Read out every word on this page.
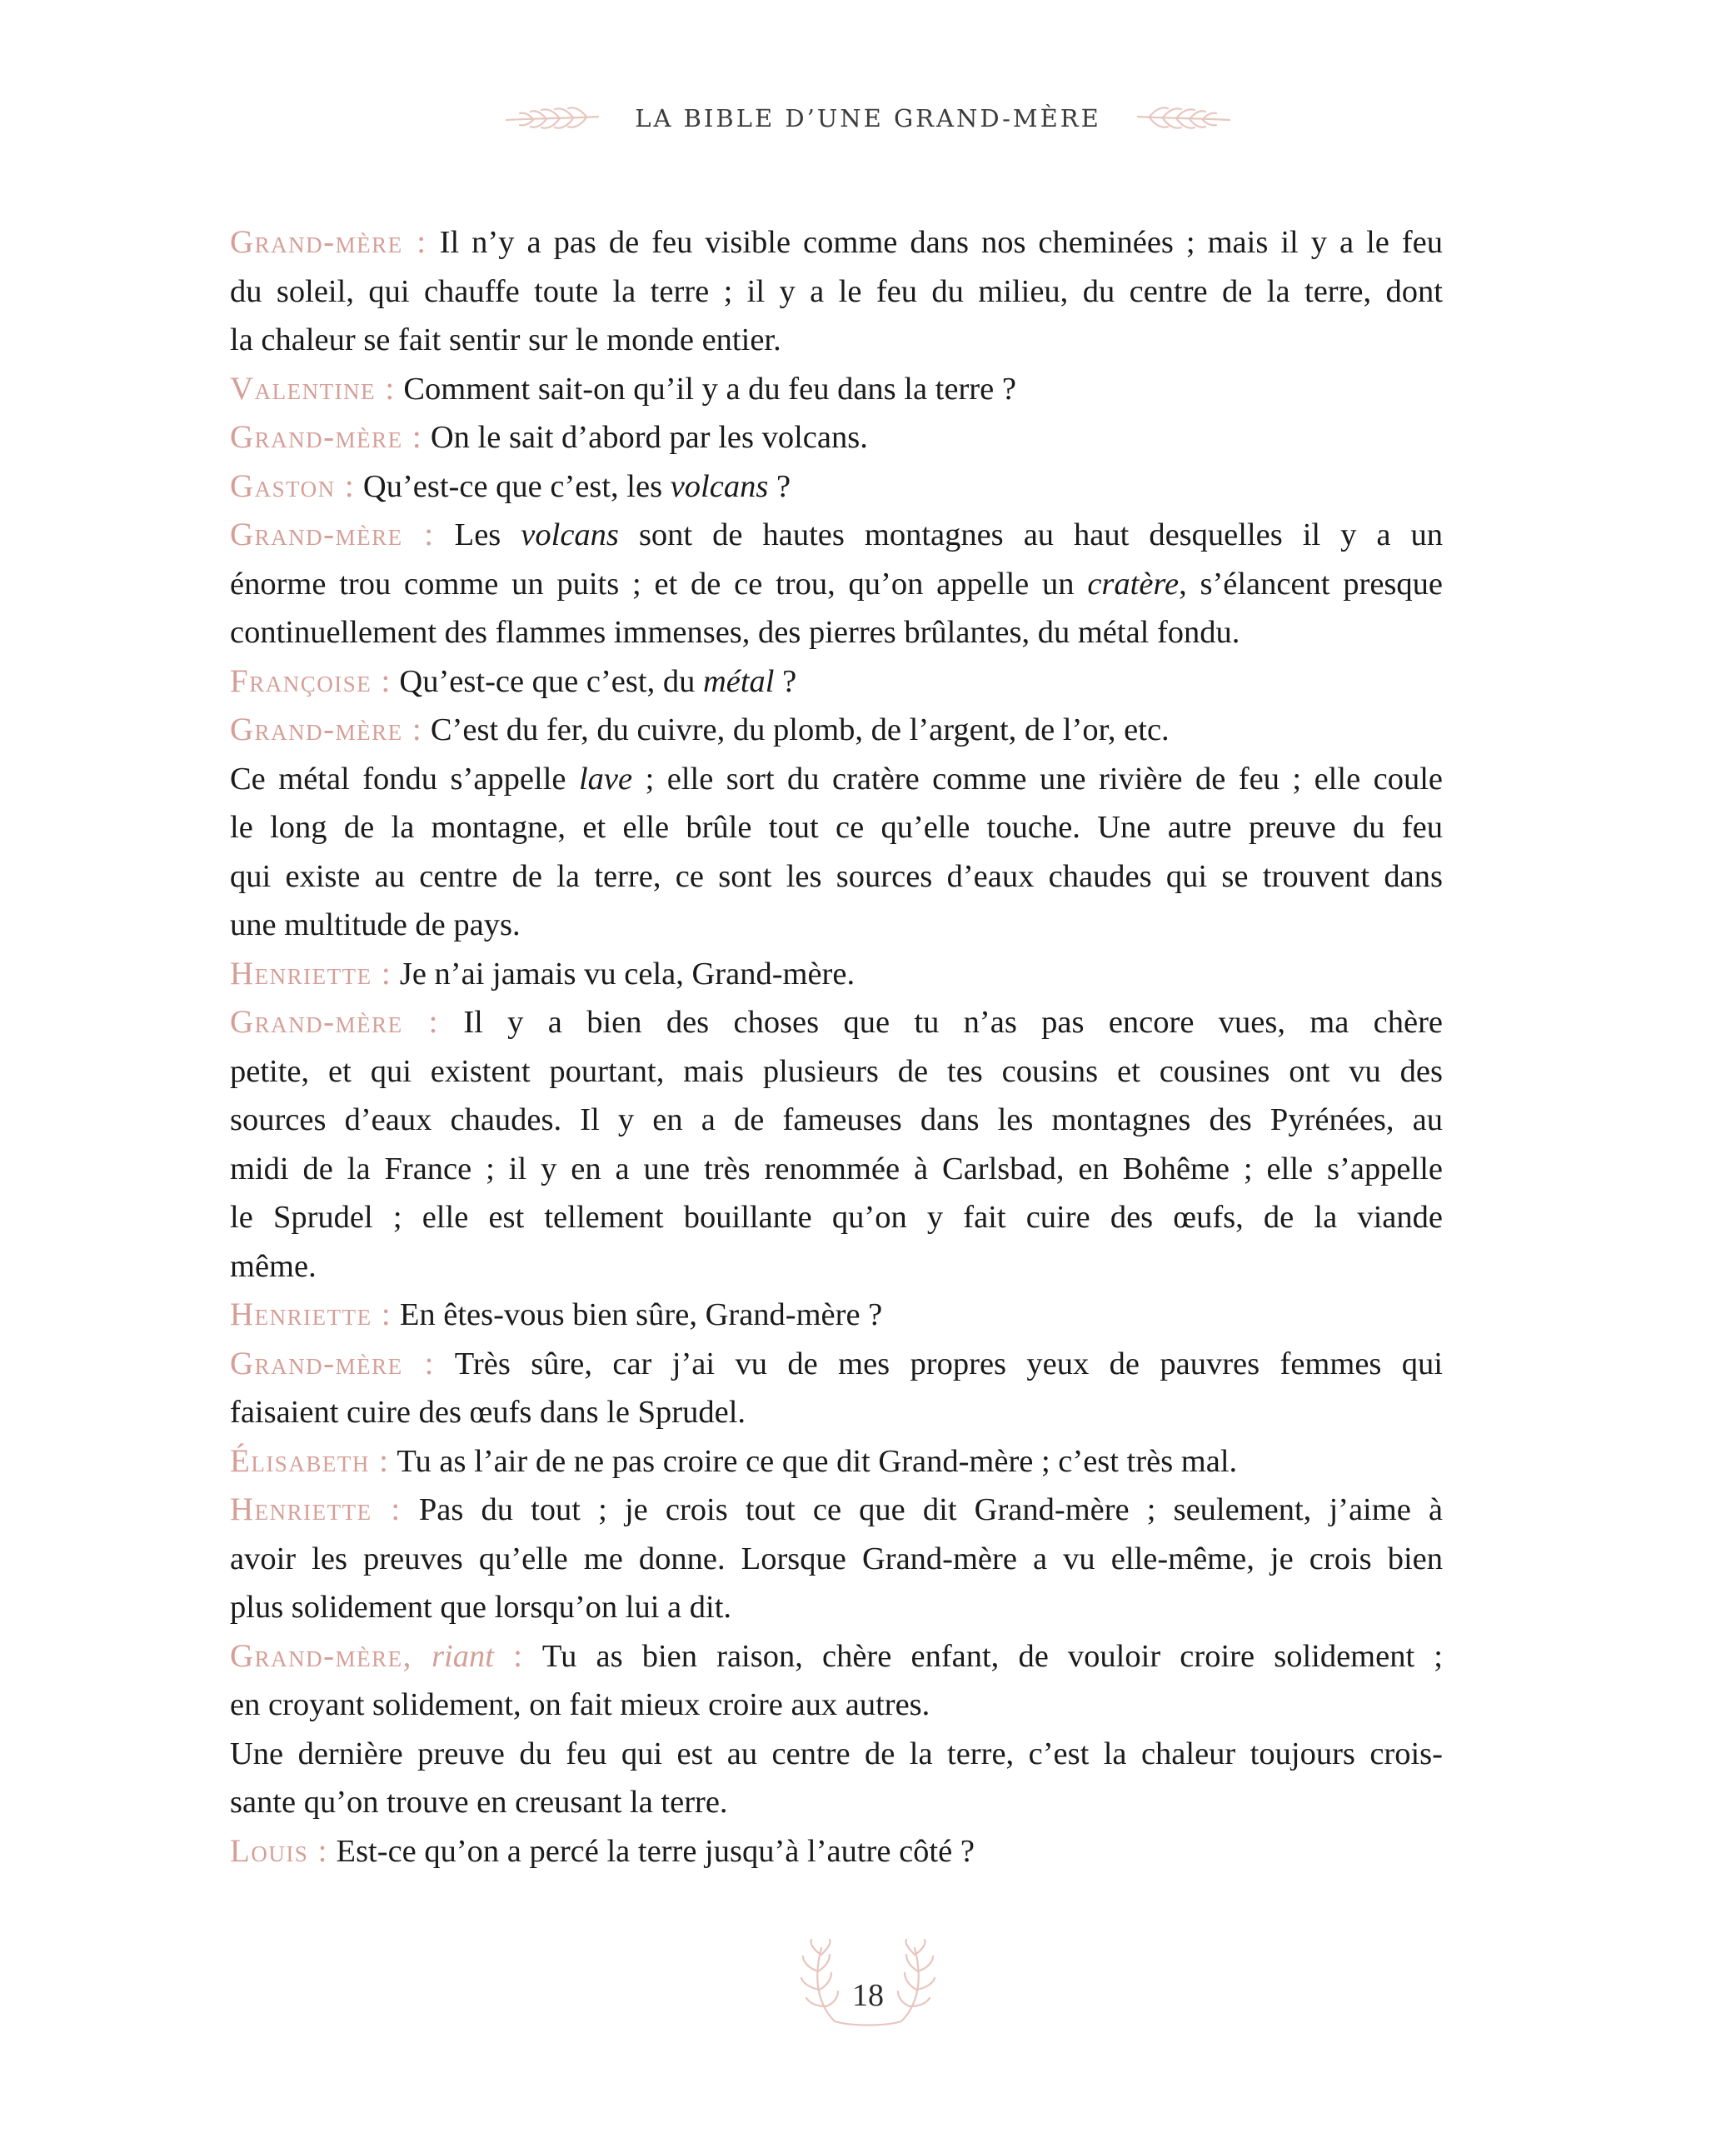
LA BIBLE D’UNE GRAND-MÈRE
Grand-mère : Il n’y a pas de feu visible comme dans nos cheminées ; mais il y a le feu
du soleil, qui chauffe toute la terre ; il y a le feu du milieu, du centre de la terre, dont
la chaleur se fait sentir sur le monde entier.
Valentine : Comment sait-on qu’il y a du feu dans la terre ?
Grand-mère : On le sait d’abord par les volcans.
Gaston : Qu’est-ce que c’est, les volcans ?
Grand-mère : Les volcans sont de hautes montagnes au haut desquelles il y a un
énorme trou comme un puits ; et de ce trou, qu’on appelle un cratère, s’élancent presque
continuellement des flammes immenses, des pierres brûlantes, du métal fondu.
Françoise : Qu’est-ce que c’est, du métal ?
Grand-mère : C’est du fer, du cuivre, du plomb, de l’argent, de l’or, etc.
Ce métal fondu s’appelle lave ; elle sort du cratère comme une rivière de feu ; elle coule
le long de la montagne, et elle brûle tout ce qu’elle touche. Une autre preuve du feu
qui existe au centre de la terre, ce sont les sources d’eaux chaudes qui se trouvent dans
une multitude de pays.
Henriette : Je n’ai jamais vu cela, Grand-mère.
Grand-mère : Il y a bien des choses que tu n’as pas encore vues, ma chère
petite, et qui existent pourtant, mais plusieurs de tes cousins et cousines ont vu des
sources d’eaux chaudes. Il y en a de fameuses dans les montagnes des Pyrénées, au
midi de la France ; il y en a une très renommée à Carlsbad, en Bohême ; elle s’appelle
le Sprudel ; elle est tellement bouillante qu’on y fait cuire des œufs, de la viande
même.
Henriette : En êtes-vous bien sûre, Grand-mère ?
Grand-mère : Très sûre, car j’ai vu de mes propres yeux de pauvres femmes qui
faisaient cuire des œufs dans le Sprudel.
Élisabeth : Tu as l’air de ne pas croire ce que dit Grand-mère ; c’est très mal.
Henriette : Pas du tout ; je crois tout ce que dit Grand-mère ; seulement, j’aime à
avoir les preuves qu’elle me donne. Lorsque Grand-mère a vu elle-même, je crois bien
plus solidement que lorsqu’on lui a dit.
Grand-mère, riant : Tu as bien raison, chère enfant, de vouloir croire solidement ;
en croyant solidement, on fait mieux croire aux autres.
Une dernière preuve du feu qui est au centre de la terre, c’est la chaleur toujours crois-
sante qu’on trouve en creusant la terre.
Louis : Est-ce qu’on a percé la terre jusqu’à l’autre côté ?
18
